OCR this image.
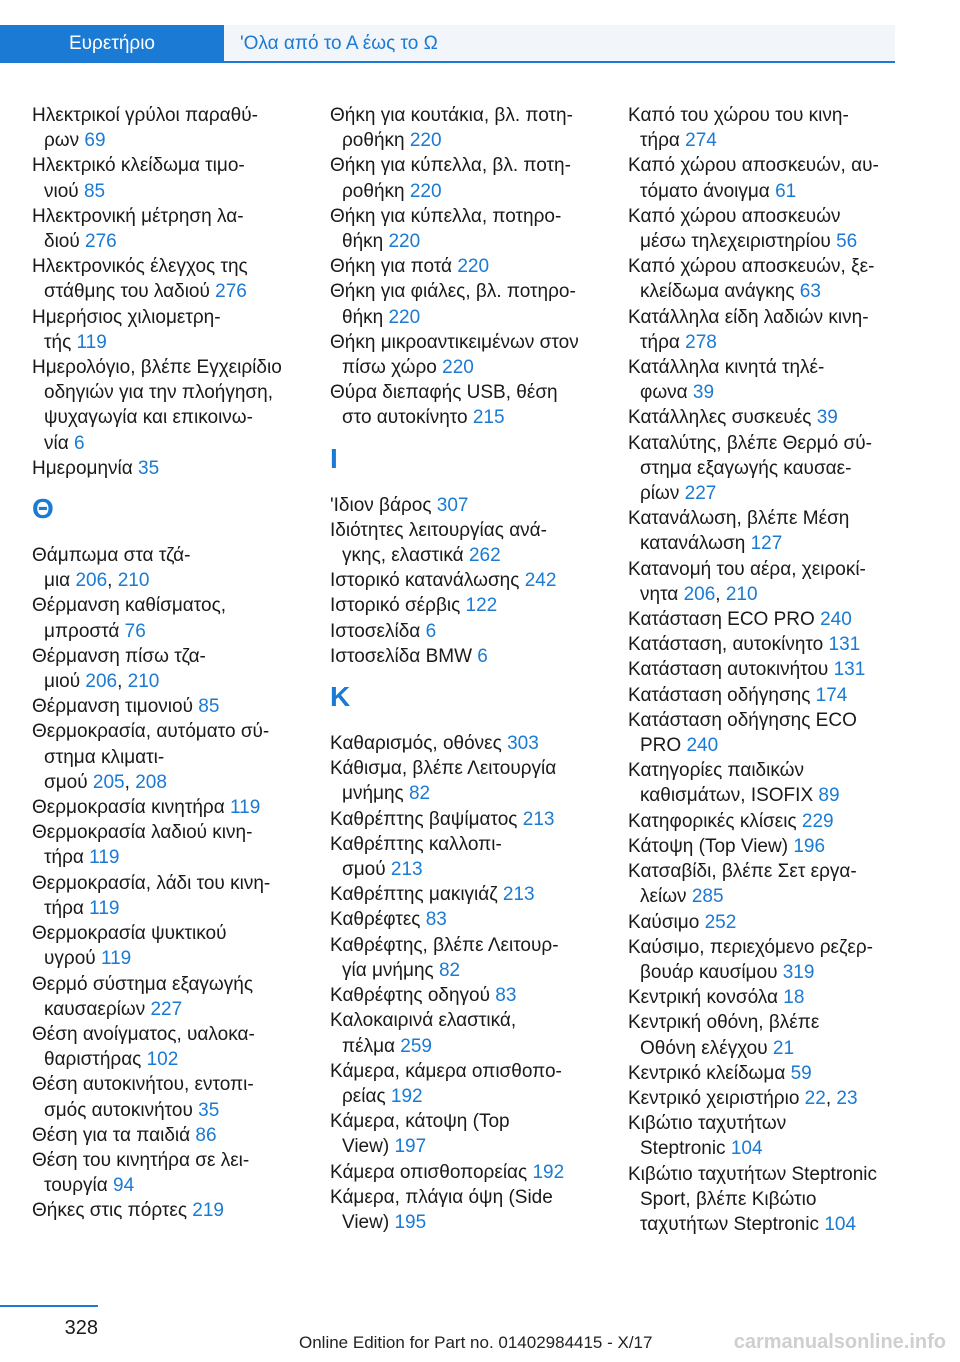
Ευρετήριο	'Ολα από το Α έως το Ω
Ηλεκτρικοί γρύλοι παραθύ‐
ρων 69
Ηλεκτρικό κλείδωμα τιμο‐
νιού 85
Ηλεκτρονική μέτρηση λα‐
διού 276
Ηλεκτρονικός έλεγχος της
στάθμης του λαδιού 276
Ημερήσιος χιλιομετρη‐
τής 119
Ημερολόγιο, βλέπε Εγχειρίδιο
οδηγιών για την πλοήγηση,
ψυχαγωγία και επικοινω‐
νία 6
Ημερομηνία 35
Θ
Θάμπωμα στα τζά‐
μια 206, 210
Θέρμανση καθίσματος,
μπροστά 76
Θέρμανση πίσω τζα‐
μιού 206, 210
Θέρμανση τιμονιού 85
Θερμοκρασία, αυτόματο σύ‐
στημα κλιματι‐
σμού 205, 208
Θερμοκρασία κινητήρα 119
Θερμοκρασία λαδιού κινη‐
τήρα 119
Θερμοκρασία, λάδι του κινη‐
τήρα 119
Θερμοκρασία ψυκτικού
υγρού 119
Θερμό σύστημα εξαγωγής
καυσαερίων 227
Θέση ανοίγματος, υαλοκα‐
θαριστήρας 102
Θέση αυτοκινήτου, εντοπι‐
σμός αυτοκινήτου 35
Θέση για τα παιδιά 86
Θέση του κινητήρα σε λει‐
τουργία 94
Θήκες στις πόρτες 219
Θήκη για κουτάκια, βλ. ποτη‐
ροθήκη 220
Θήκη για κύπελλα, βλ. ποτη‐
ροθήκη 220
Θήκη για κύπελλα, ποτηρο‐
θήκη 220
Θήκη για ποτά 220
Θήκη για φιάλες, βλ. ποτηρο‐
θήκη 220
Θήκη μικροαντικειμένων στον
πίσω χώρο 220
Θύρα διεπαφής USB, θέση
στο αυτοκίνητο 215
Ι
'Ιδιον βάρος 307
Ιδιότητες λειτουργίας ανά‐
γκης, ελαστικά 262
Ιστορικό κατανάλωσης 242
Ιστορικό σέρβις 122
Ιστοσελίδα 6
Ιστοσελίδα BMW 6
Κ
Καθαρισμός, οθόνες 303
Κάθισμα, βλέπε Λειτουργία
μνήμης 82
Καθρέπτης βαψίματος 213
Καθρέπτης καλλοπι‐
σμού 213
Καθρέπτης μακιγιάζ 213
Καθρέφτες 83
Καθρέφτης, βλέπε Λειτουρ‐
γία μνήμης 82
Καθρέφτης οδηγού 83
Καλοκαιρινά ελαστικά,
πέλμα 259
Κάμερα, κάμερα οπισθοπο‐
ρείας 192
Κάμερα, κάτοψη (Top
View) 197
Κάμερα οπισθοπορείας 192
Κάμερα, πλάγια όψη (Side
View) 195
Καπό του χώρου του κινη‐
τήρα 274
Καπό χώρου αποσκευών, αυ‐
τόματο άνοιγμα 61
Καπό χώρου αποσκευών
μέσω τηλεχειριστηρίου 56
Καπό χώρου αποσκευών, ξε‐
κλείδωμα ανάγκης 63
Κατάλληλα είδη λαδιών κινη‐
τήρα 278
Κατάλληλα κινητά τηλέ‐
φωνα 39
Κατάλληλες συσκευές 39
Καταλύτης, βλέπε Θερμό σύ‐
στημα εξαγωγής καυσαε‐
ρίων 227
Κατανάλωση, βλέπε Μέση
κατανάλωση 127
Κατανομή του αέρα, χειροκί‐
νητα 206, 210
Κατάσταση ECO PRO 240
Κατάσταση, αυτοκίνητο 131
Κατάσταση αυτοκινήτου 131
Κατάσταση οδήγησης 174
Κατάσταση οδήγησης ECO
PRO 240
Κατηγορίες παιδικών
καθισμάτων, ISOFIX 89
Κατηφορικές κλίσεις 229
Κάτοψη (Top View) 196
Κατσαβίδι, βλέπε Σετ εργα‐
λείων 285
Καύσιμο 252
Καύσιμο, περιεχόμενο ρεζερ‐
βουάρ καυσίμου 319
Κεντρική κονσόλα 18
Κεντρική οθόνη, βλέπε
Οθόνη ελέγχου 21
Κεντρικό κλείδωμα 59
Κεντρικό χειριστήριο 22, 23
Κιβώτιο ταχυτήτων
Steptronic 104
Κιβώτιο ταχυτήτων Steptronic
Sport, βλέπε Κιβώτιο
ταχυτήτων Steptronic 104
328
Online Edition for Part no. 01402984415 - X/17	carmanualsonline.info
